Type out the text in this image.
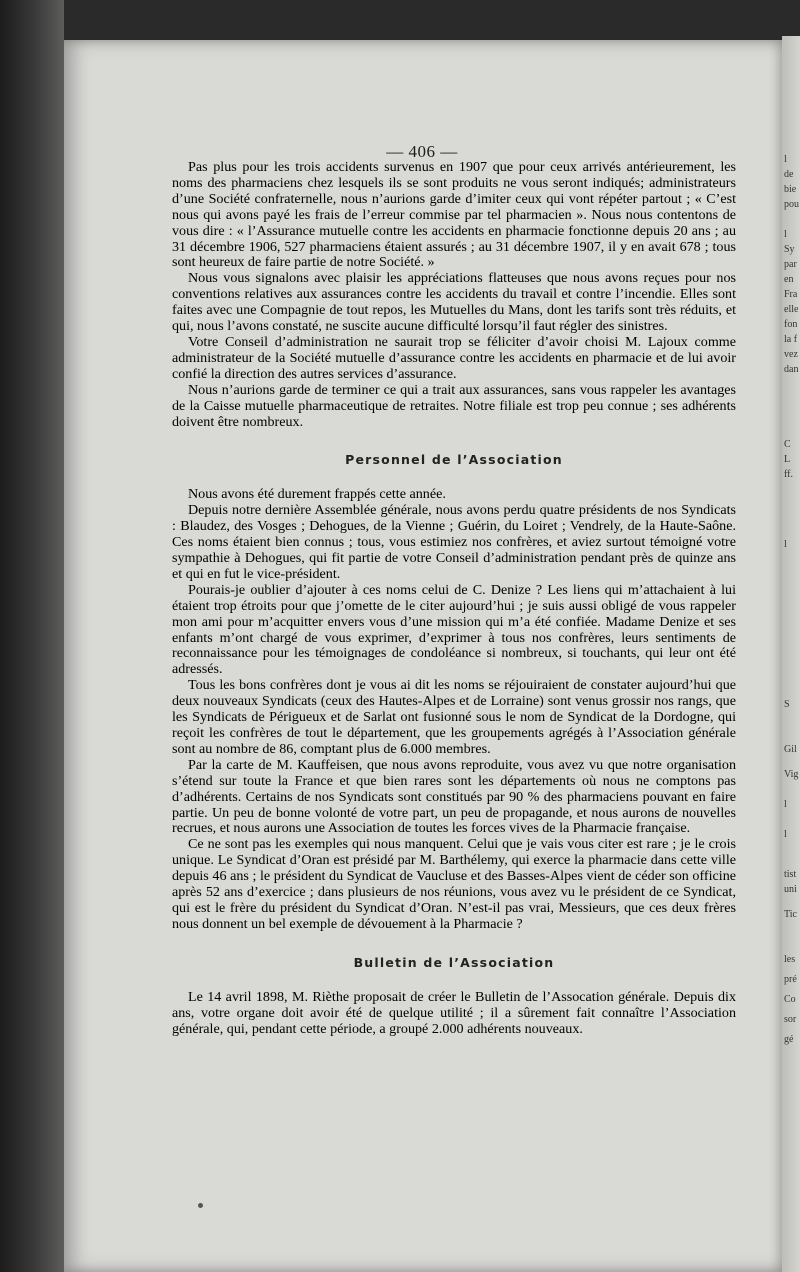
l
de
bie
pou
l
Sy
par
en
Fra
elle
fon
la f
vez
dan
C
L
ff.
l
S
Gil
Vig
l
l
tist
uni
Tic
les
pré
Co
sor
gé

— 406 —

Pas plus pour les trois accidents survenus en 1907 que pour ceux arrivés antérieurement, les noms des pharmaciens chez lesquels ils se sont produits ne vous seront indiqués; administrateurs d’une Société confraternelle, nous n’aurions garde d’imiter ceux qui vont répéter partout ; « C’est nous qui avons payé les frais de l’erreur commise par tel pharmacien ». Nous nous contentons de vous dire : « l’Assurance mutuelle contre les accidents en pharmacie fonctionne depuis 20 ans ; au 31 décembre 1906, 527 pharmaciens étaient assurés ; au 31 décembre 1907, il y en avait 678 ; tous sont heureux de faire partie de notre Société. »

Nous vous signalons avec plaisir les appréciations flatteuses que nous avons reçues pour nos conventions relatives aux assurances contre les accidents du travail et contre l’incendie. Elles sont faites avec une Compagnie de tout repos, les Mutuelles du Mans, dont les tarifs sont très réduits, et qui, nous l’avons constaté, ne suscite aucune difficulté lorsqu’il faut régler des sinistres.

Votre Conseil d’administration ne saurait trop se féliciter d’avoir choisi M. Lajoux comme administrateur de la Société mutuelle d’assurance contre les accidents en pharmacie et de lui avoir confié la direction des autres services d’assurance.

Nous n’aurions garde de terminer ce qui a trait aux assurances, sans vous rappeler les avantages de la Caisse mutuelle pharmaceutique de retraites. Notre filiale est trop peu connue ; ses adhérents doivent être nombreux.

Personnel de l’Association

Nous avons été durement frappés cette année.

Depuis notre dernière Assemblée générale, nous avons perdu quatre présidents de nos Syndicats : Blaudez, des Vosges ; Dehogues, de la Vienne ; Guérin, du Loiret ; Vendrely, de la Haute-Saône. Ces noms étaient bien connus ; tous, vous estimiez nos confrères, et aviez surtout témoigné votre sympathie à Dehogues, qui fit partie de votre Conseil d’administration pendant près de quinze ans et qui en fut le vice-président.

Pourais-je oublier d’ajouter à ces noms celui de C. Denize ? Les liens qui m’attachaient à lui étaient trop étroits pour que j’omette de le citer aujourd’hui ; je suis aussi obligé de vous rappeler mon ami pour m’acquitter envers vous d’une mission qui m’a été confiée. Madame Denize et ses enfants m’ont chargé de vous exprimer, d’exprimer à tous nos confrères, leurs sentiments de reconnaissance pour les témoignages de condoléance si nombreux, si touchants, qui leur ont été adressés.

Tous les bons confrères dont je vous ai dit les noms se réjouiraient de constater aujourd’hui que deux nouveaux Syndicats (ceux des Hautes-Alpes et de Lorraine) sont venus grossir nos rangs, que les Syndicats de Périgueux et de Sarlat ont fusionné sous le nom de Syndicat de la Dordogne, qui reçoit les confrères de tout le département, que les groupements agrégés à l’Association générale sont au nombre de 86, comptant plus de 6.000 membres.

Par la carte de M. Kauffeisen, que nous avons reproduite, vous avez vu que notre organisation s’étend sur toute la France et que bien rares sont les départements où nous ne comptons pas d’adhérents. Certains de nos Syndicats sont constitués par 90 % des pharmaciens pouvant en faire partie. Un peu de bonne volonté de votre part, un peu de propagande, et nous aurons de nouvelles recrues, et nous aurons une Association de toutes les forces vives de la Pharmacie française.

Ce ne sont pas les exemples qui nous manquent. Celui que je vais vous citer est rare ; je le crois unique. Le Syndicat d’Oran est présidé par M. Barthélemy, qui exerce la pharmacie dans cette ville depuis 46 ans ; le président du Syndicat de Vaucluse et des Basses-Alpes vient de céder son officine après 52 ans d’exercice ; dans plusieurs de nos réunions, vous avez vu le président de ce Syndicat, qui est le frère du président du Syndicat d’Oran. N’est-il pas vrai, Messieurs, que ces deux frères nous donnent un bel exemple de dévouement à la Pharmacie ?

Bulletin de l’Association

Le 14 avril 1898, M. Rièthe proposait de créer le Bulletin de l’Assocation générale. Depuis dix ans, votre organe doit avoir été de quelque utilité ; il a sûrement fait connaître l’Association générale, qui, pendant cette période, a groupé 2.000 adhérents nouveaux.
